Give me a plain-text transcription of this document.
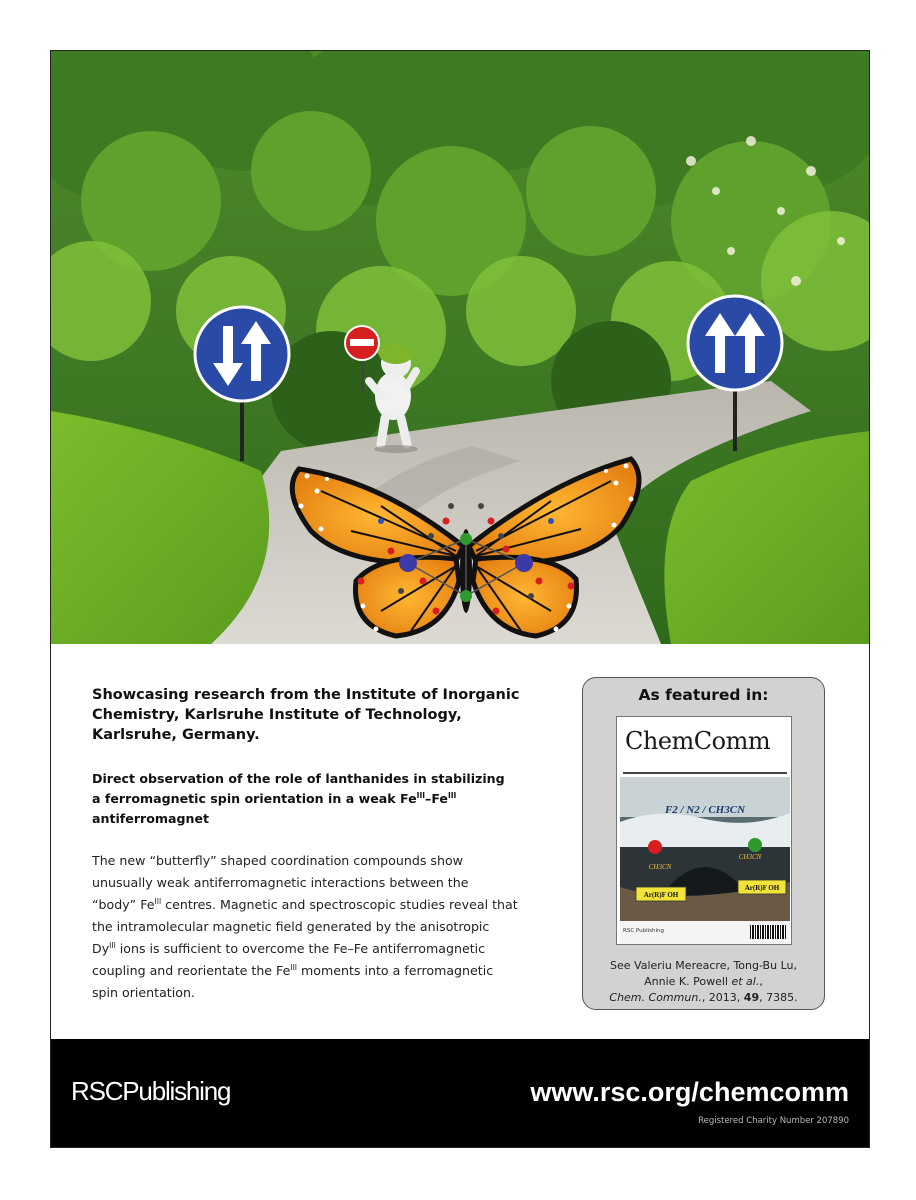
Showcasing research from the Institute of Inorganic
Chemistry, Karlsruhe Institute of Technology,
Karlsruhe, Germany.
Direct observation of the role of lanthanides in stabilizing
a ferromagnetic spin orientation in a weak $Fe^{III}-Fe^{III}$
antiferromagnet
The new “butterfly” shaped coordination compounds show
unusually weak antiferromagnetic interactions between the
“body” $Fe^{III}$ centres. Magnetic and spectroscopic studies reveal that
the intramolecular magnetic field generated by the anisotropic
$Dy^{III}$ ions is sufficient to overcome the Fe–Fe antiferromagnetic
coupling and reorientate the $Fe^{III}$ moments into a ferromagnetic
spin orientation.
As featured in:
ChemComm
F2 / N2 / CH3CN
CH3CN
CH3CN
Ar(R)F OH
Ar(R)F OH
RSC Publishing
See Valeriu Mereacre, Tong-Bu Lu,
Annie K. Powell et al.,
Chem. Commun., 2013, 49, 7385.
RSCPublishing	www.rsc.org/chemcomm
Registered Charity Number 207890
